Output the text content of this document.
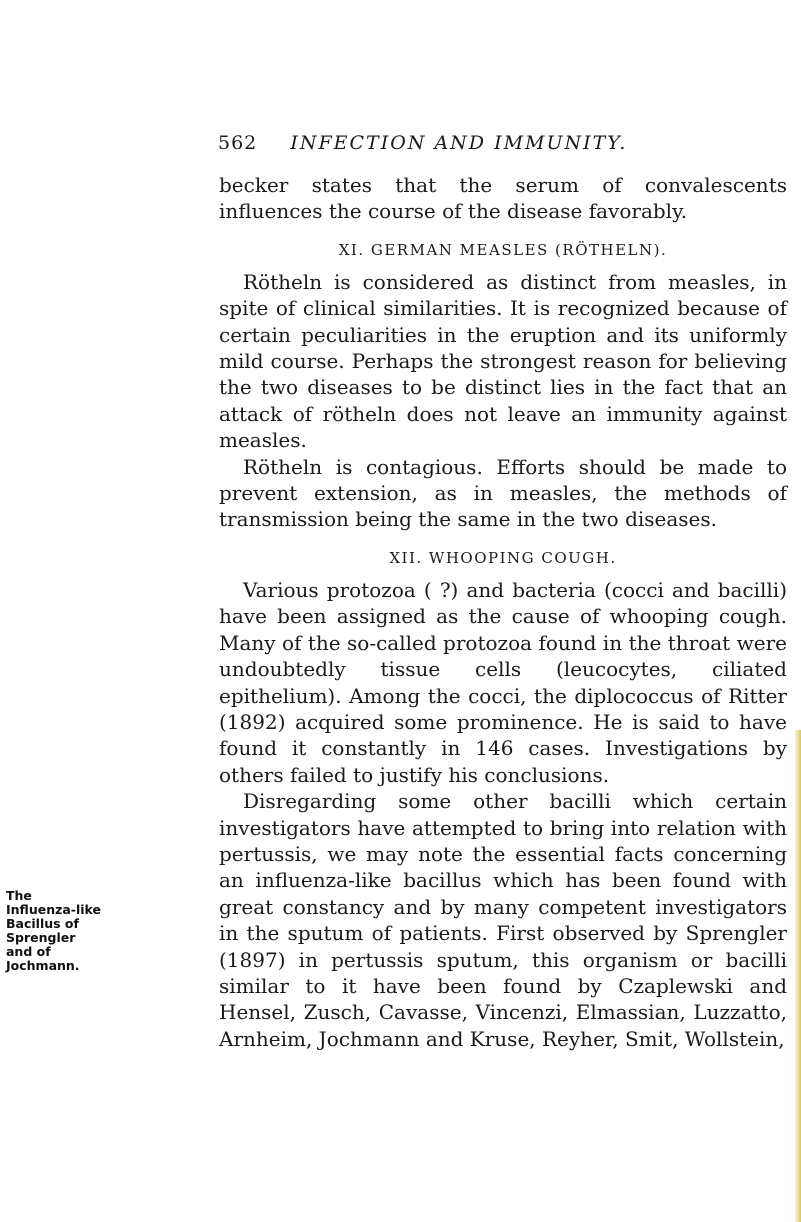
562 INFECTION AND IMMUNITY.
The Influenza-like Bacillus of Sprengler and of Jochmann.

becker states that the serum of convalescents influences the course of the disease favorably.

XI. GERMAN MEASLES (RÖTHELN).

Rötheln is considered as distinct from measles, in spite of clinical similarities. It is recognized because of certain peculiarities in the eruption and its uniformly mild course. Perhaps the strongest reason for believing the two diseases to be distinct lies in the fact that an attack of rötheln does not leave an immunity against measles.

Rötheln is contagious. Efforts should be made to prevent extension, as in measles, the methods of transmission being the same in the two diseases.

XII. WHOOPING COUGH.

Various protozoa ( ?) and bacteria (cocci and bacilli) have been assigned as the cause of whooping cough. Many of the so-called protozoa found in the throat were undoubtedly tissue cells (leucocytes, ciliated epithelium). Among the cocci, the diplococcus of Ritter (1892) acquired some prominence. He is said to have found it constantly in 146 cases. Investigations by others failed to justify his conclusions.

Disregarding some other bacilli which certain investigators have attempted to bring into relation with pertussis, we may note the essential facts concerning an influenza-like bacillus which has been found with great constancy and by many competent investigators in the sputum of patients. First observed by Sprengler (1897) in pertussis sputum, this organism or bacilli similar to it have been found by Czaplewski and Hensel, Zusch, Cavasse, Vincenzi, Elmassian, Luzzatto, Arnheim, Jochmann and Kruse, Reyher, Smit, Wollstein,
